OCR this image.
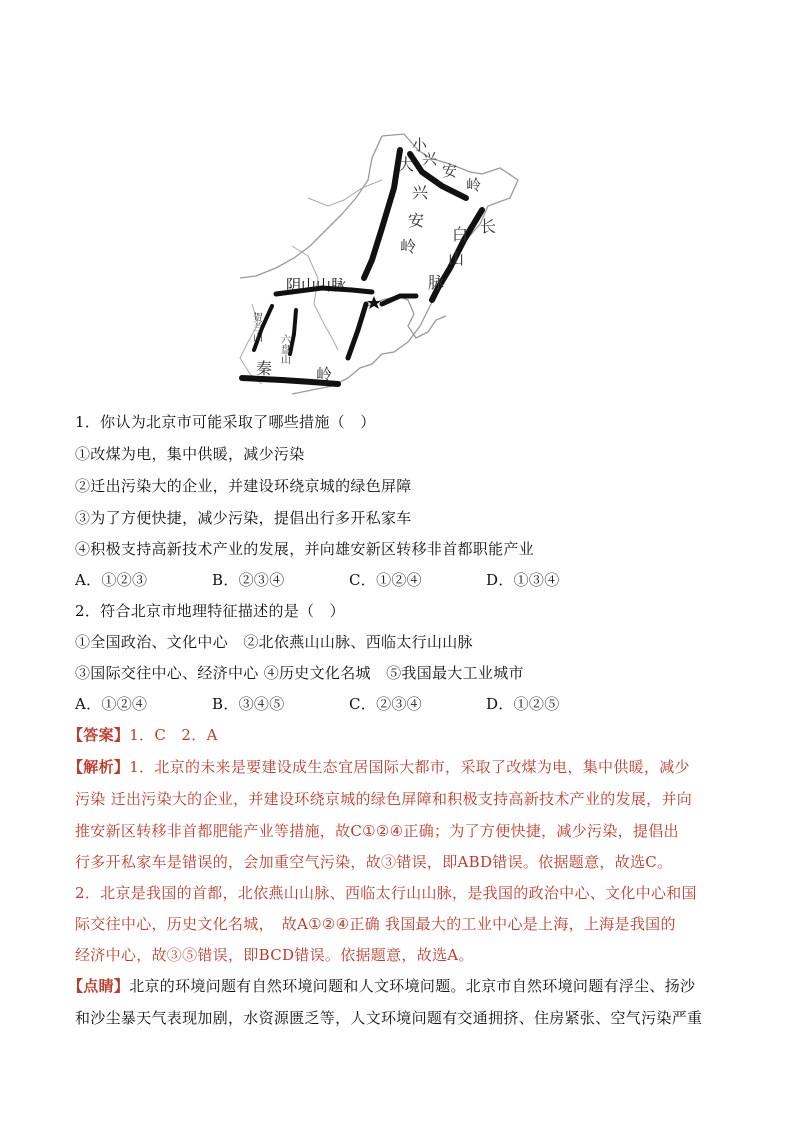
小
兴
安
岭
大
兴
安
岭
长
白
山
脉
阴山山脉
贺兰山
六盘山
秦	岭
1．你认为北京市可能采取了哪些措施（　）
①改煤为电，集中供暖，减少污染
②迁出污染大的企业，并建设环绕京城的绿色屏障
③为了方便快捷，减少污染，提倡出行多开私家车
④积极支持高新技术产业的发展，并向雄安新区转移非首都职能产业
A．①②③	B．②③④	C．①②④	D．①③④
2．符合北京市地理特征描述的是（　）
①全国政治、文化中心　 ②北依燕山山脉、西临太行山山脉
③国际交往中心、经济中心 ④历史文化名城　 ⑤我国最大工业城市
A．①②④	B．③④⑤	C．②③④	D．①②⑤
【答案】1．C　2．A
【解析】1．北京的未来是要建设成生态宜居国际大都市，采取了改煤为电，集中供暖，减少
污染 迁出污染大的企业，并建设环绕京城的绿色屏障和积极支持高新技术产业的发展，并向
推安新区转移非首都肥能产业等措施，故C①②④正确；为了方便快捷，减少污染，提倡出
行多开私家车是错误的，会加重空气污染，故③错误，即ABD错误。依据题意，故选C。
2．北京是我国的首都，北依燕山山脉、西临太行山山脉，是我国的政治中心、文化中心和国
际交往中心，历史文化名城，　故A①②④正确 我国最大的工业中心是上海，上海是我国的
经济中心，故③⑤错误，即BCD错误。依据题意，故选A。
【点睛】北京的环境问题有自然环境问题和人文环境问题。北京市自然环境问题有浮尘、扬沙
和沙尘暴天气表现加剧，水资源匮乏等，人文环境问题有交通拥挤、住房紧张、空气污染严重
